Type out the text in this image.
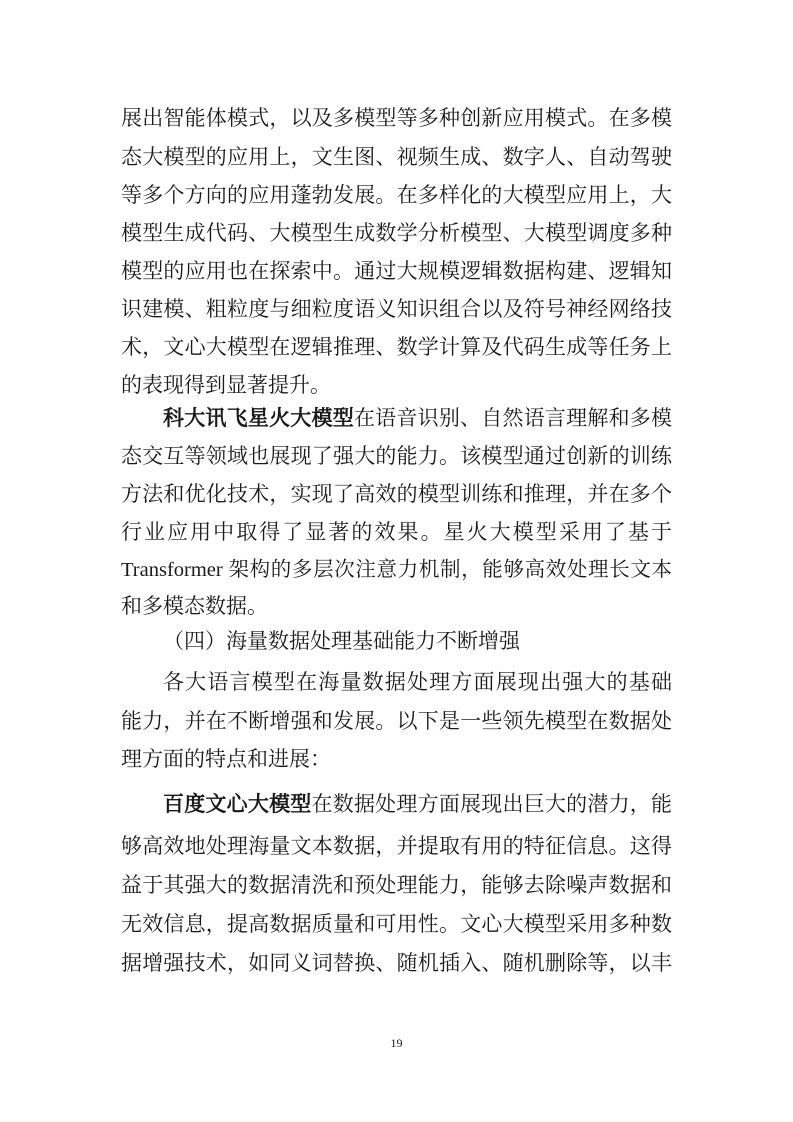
展出智能体模式，以及多模型等多种创新应用模式。在多模
态大模型的应用上，文生图、视频生成、数字人、自动驾驶
等多个方向的应用蓬勃发展。在多样化的大模型应用上，大
模型生成代码、大模型生成数学分析模型、大模型调度多种
模型的应用也在探索中。通过大规模逻辑数据构建、逻辑知
识建模、粗粒度与细粒度语义知识组合以及符号神经网络技
术，文心大模型在逻辑推理、数学计算及代码生成等任务上
的表现得到显著提升。
科大讯飞星火大模型在语音识别、自然语言理解和多模
态交互等领域也展现了强大的能力。该模型通过创新的训练
方法和优化技术，实现了高效的模型训练和推理，并在多个
行业应用中取得了显著的效果。星火大模型采用了基于
Transformer 架构的多层次注意力机制，能够高效处理长文本
和多模态数据。
（四）海量数据处理基础能力不断增强
各大语言模型在海量数据处理方面展现出强大的基础
能力，并在不断增强和发展。以下是一些领先模型在数据处
理方面的特点和进展：
百度文心大模型在数据处理方面展现出巨大的潜力，能
够高效地处理海量文本数据，并提取有用的特征信息。这得
益于其强大的数据清洗和预处理能力，能够去除噪声数据和
无效信息，提高数据质量和可用性。文心大模型采用多种数
据增强技术，如同义词替换、随机插入、随机删除等，以丰
19
